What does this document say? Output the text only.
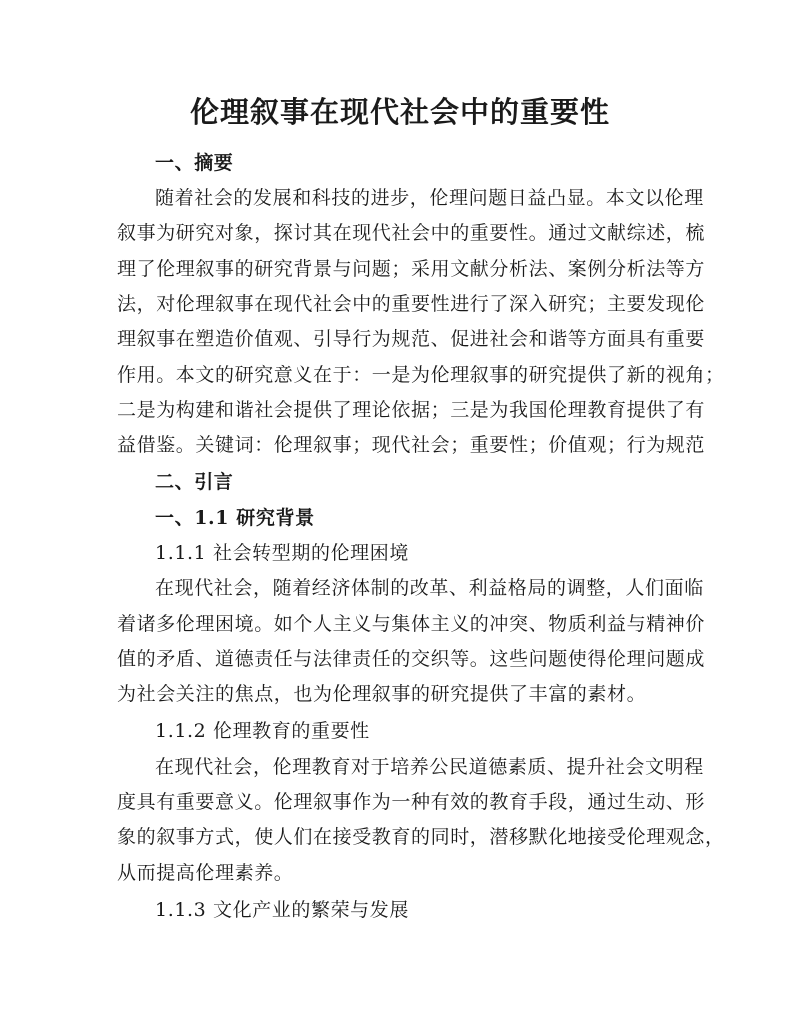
伦理叙事在现代社会中的重要性
一、摘要
随着社会的发展和科技的进步，伦理问题日益凸显。本文以伦理
叙事为研究对象，探讨其在现代社会中的重要性。通过文献综述，梳
理了伦理叙事的研究背景与问题；采用文献分析法、案例分析法等方
法，对伦理叙事在现代社会中的重要性进行了深入研究；主要发现伦
理叙事在塑造价值观、引导行为规范、促进社会和谐等方面具有重要
作用。本文的研究意义在于：一是为伦理叙事的研究提供了新的视角；
二是为构建和谐社会提供了理论依据；三是为我国伦理教育提供了有
益借鉴。关键词：伦理叙事；现代社会；重要性；价值观；行为规范
二、引言
一、1.1 研究背景
1.1.1 社会转型期的伦理困境
在现代社会，随着经济体制的改革、利益格局的调整，人们面临
着诸多伦理困境。如个人主义与集体主义的冲突、物质利益与精神价
值的矛盾、道德责任与法律责任的交织等。这些问题使得伦理问题成
为社会关注的焦点，也为伦理叙事的研究提供了丰富的素材。
1.1.2 伦理教育的重要性
在现代社会，伦理教育对于培养公民道德素质、提升社会文明程
度具有重要意义。伦理叙事作为一种有效的教育手段，通过生动、形
象的叙事方式，使人们在接受教育的同时，潜移默化地接受伦理观念，
从而提高伦理素养。
1.1.3 文化产业的繁荣与发展
